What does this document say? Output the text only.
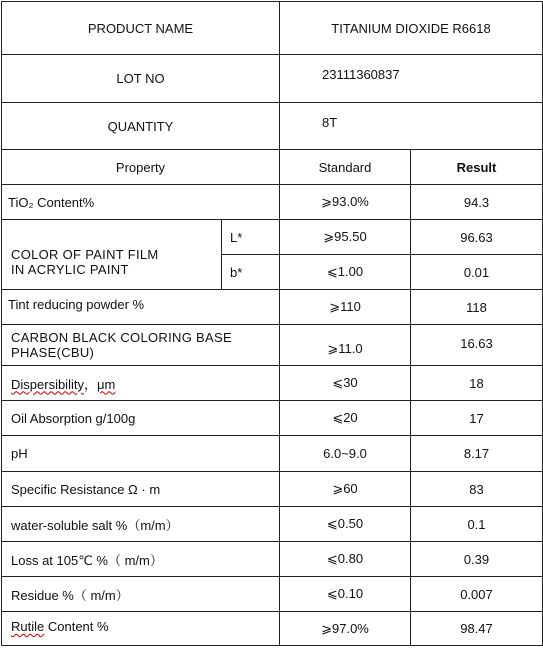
PRODUCT NAME		TITANIUM DIOXIDE R6618	
LOT NO		23111360837	
QUANTITY		8T	
Property		Standard	Result
TiO₂ Content%		⩾93.0%	94.3
COLOR OF PAINT FILM IN ACRYLIC PAINT	L*	⩾95.50	96.63
	b*	⩽1.00	0.01
Tint reducing powder %		⩾110	118
CARBON BLACK COLORING BASE PHASE(CBU)		⩾11.0	16.63
Dispersibility，μm		⩽30	18
Oil Absorption g/100g		⩽20	17
pH		6.0~9.0	8.17
Specific Resistance Ω · m		⩾60	83
water-soluble salt %（m/m）		⩽0.50	0.1
Loss at 105℃ %（ m/m）		⩽0.80	0.39
Residue %（ m/m）		⩽0.10	0.007
Rutile Content %		⩾97.0%	98.47
